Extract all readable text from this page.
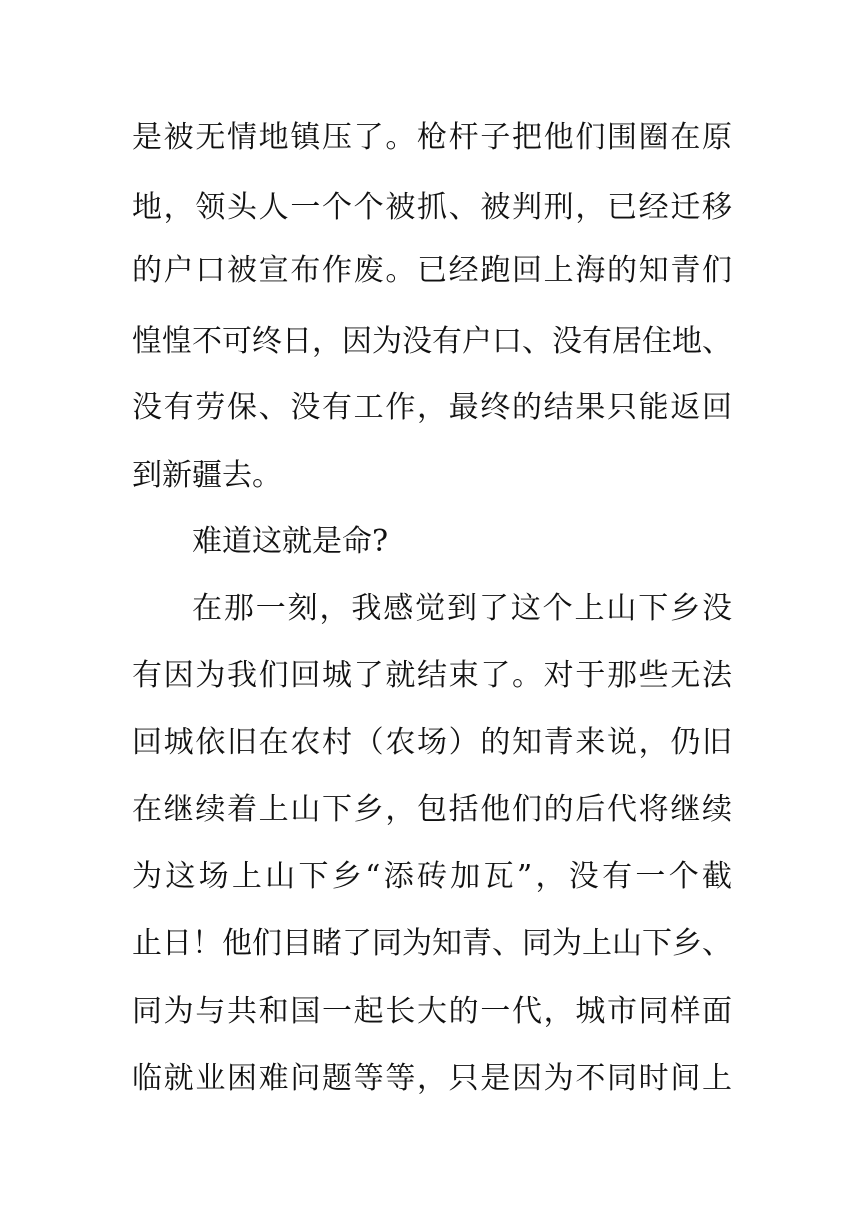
是被无情地镇压了。枪杆子把他们围圈在原
地，领头人一个个被抓、被判刑，已经迁移
的户口被宣布作废。已经跑回上海的知青们
惶惶不可终日，因为没有户口、没有居住地、
没有劳保、没有工作，最终的结果只能返回
到新疆去。
难道这就是命?
在那一刻，我感觉到了这个上山下乡没
有因为我们回城了就结束了。对于那些无法
回城依旧在农村（农场）的知青来说，仍旧
在继续着上山下乡，包括他们的后代将继续
为这场上山下乡“添砖加瓦”，没有一个截
止日！他们目睹了同为知青、同为上山下乡、
同为与共和国一起长大的一代，城市同样面
临就业困难问题等等，只是因为不同时间上
